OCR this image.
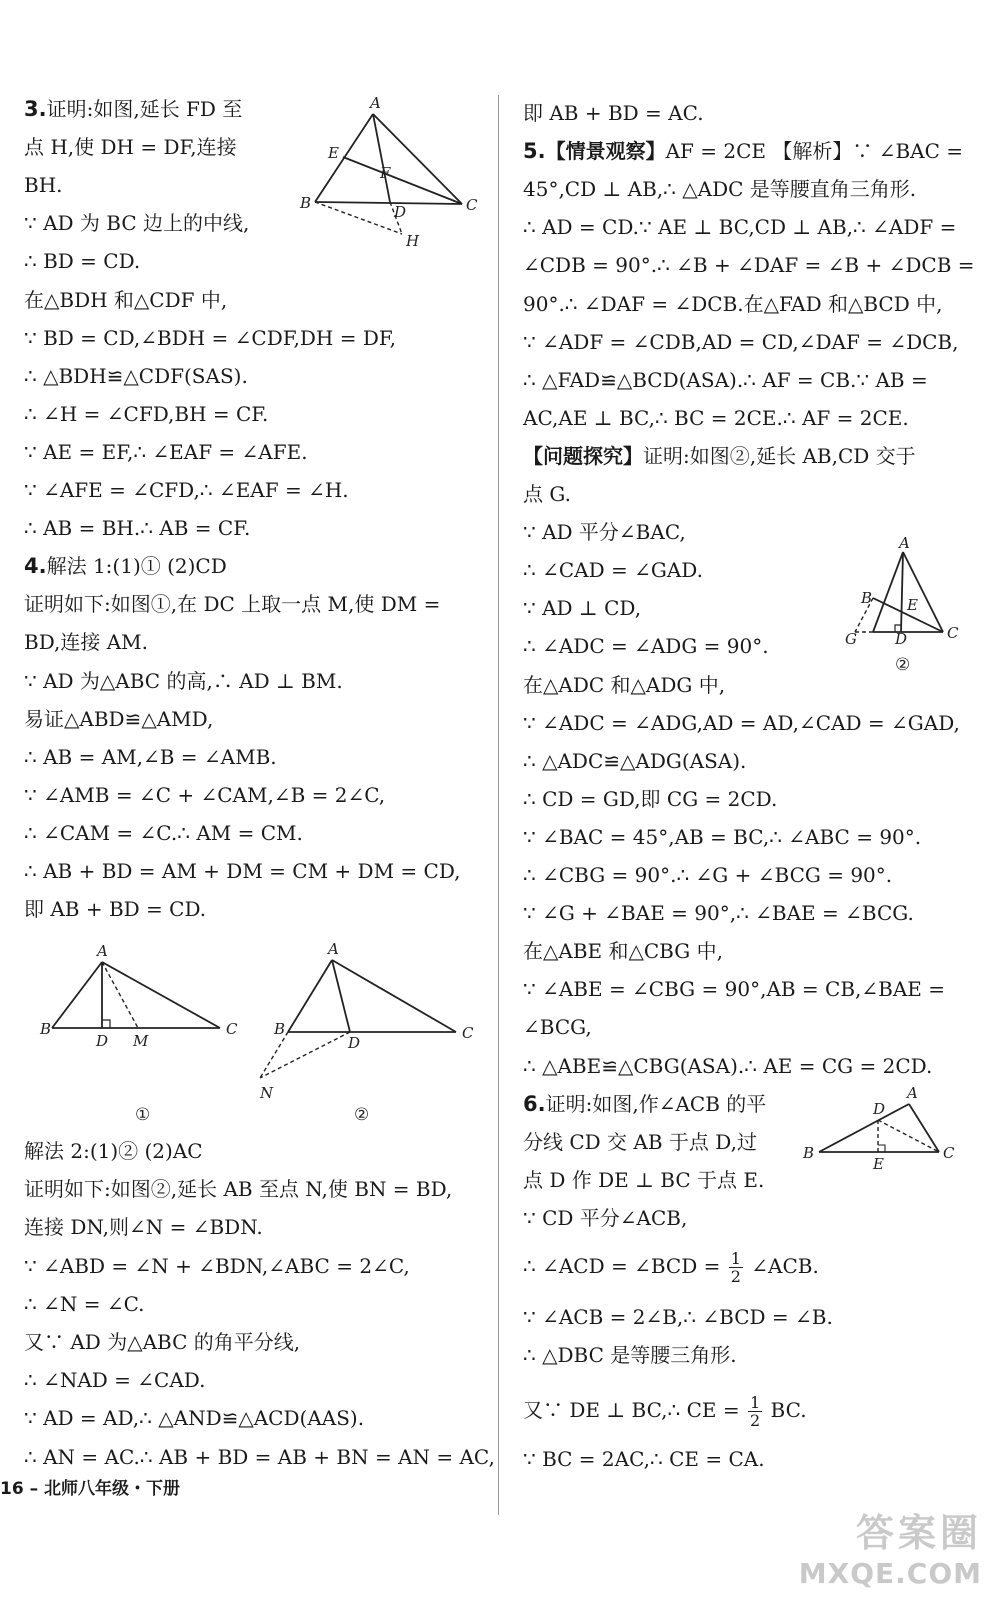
3.证明:如图,延长 FD 至
点 H,使 DH = DF,连接
BH.
∵ AD 为 BC 边上的中线,
∴ BD = CD.
在△BDH 和△CDF 中,
∵ BD = CD,∠BDH = ∠CDF,DH = DF,
∴ △BDH≌△CDF(SAS).
∴ ∠H = ∠CFD,BH = CF.
∵ AE = EF,∴ ∠EAF = ∠AFE.
∵ ∠AFE = ∠CFD,∴ ∠EAF = ∠H.
∴ AB = BH.∴ AB = CF.
4.解法 1:(1)① (2)CD
证明如下:如图①,在 DC 上取一点 M,使 DM =
BD,连接 AM.
∵ AD 为△ABC 的高,∴ AD ⊥ BM.
易证△ABD≌△AMD,
∴ AB = AM,∠B = ∠AMB.
∵ ∠AMB = ∠C + ∠CAM,∠B = 2∠C,
∴ ∠CAM = ∠C.∴ AM = CM.
∴ AB + BD = AM + DM = CM + DM = CD,
即 AB + BD = CD.
A
E
F
B	D	C
H
A
B
D M
C
①
A
B
D
C
N
②
解法 2:(1)② (2)AC
证明如下:如图②,延长 AB 至点 N,使 BN = BD,
连接 DN,则∠N = ∠BDN.
∵ ∠ABD = ∠N + ∠BDN,∠ABC = 2∠C,
∴ ∠N = ∠C.
又∵ AD 为△ABC 的角平分线,
∴ ∠NAD = ∠CAD.
∵ AD = AD,∴ △AND≌△ACD(AAS).
∴ AN = AC.∴ AB + BD = AB + BN = AN = AC,
16 – 北师八年级・下册
即 AB + BD = AC.
5.【情景观察】AF = 2CE 【解析】∵ ∠BAC =
45°,CD ⊥ AB,∴ △ADC 是等腰直角三角形.
∴ AD = CD.∵ AE ⊥ BC,CD ⊥ AB,∴ ∠ADF =
∠CDB = 90°.∴ ∠B + ∠DAF = ∠B + ∠DCB =
90°.∴ ∠DAF = ∠DCB.在△FAD 和△BCD 中,
∵ ∠ADF = ∠CDB,AD = CD,∠DAF = ∠DCB,
∴ △FAD≌△BCD(ASA).∴ AF = CB.∵ AB =
AC,AE ⊥ BC,∴ BC = 2CE.∴ AF = 2CE.
【问题探究】证明:如图②,延长 AB,CD 交于
点 G.
∵ AD 平分∠BAC,
∴ ∠CAD = ∠GAD.
∵ AD ⊥ CD,
∴ ∠ADC = ∠ADG = 90°.
在△ADC 和△ADG 中,
∵ ∠ADC = ∠ADG,AD = AD,∠CAD = ∠GAD,
∴ △ADC≌△ADG(ASA).
∴ CD = GD,即 CG = 2CD.
∵ ∠BAC = 45°,AB = BC,∴ ∠ABC = 90°.
∴ ∠CBG = 90°.∴ ∠G + ∠BCG = 90°.
∵ ∠G + ∠BAE = 90°,∴ ∠BAE = ∠BCG.
在△ABE 和△CBG 中,
∵ ∠ABE = ∠CBG = 90°,AB = CB,∠BAE =
∠BCG,
∴ △ABE≌△CBG(ASA).∴ AE = CG = 2CD.
6.证明:如图,作∠ACB 的平
分线 CD 交 AB 于点 D,过
点 D 作 DE ⊥ BC 于点 E.
∵ CD 平分∠ACB,
A
B E
G	D	C
②
D
A
B
E
C
∵ ∠ACB = 2∠B,∴ ∠BCD = ∠B.
∴ △DBC 是等腰三角形.
∴ ∠ACD = ∠BCD = $\frac{1}{2}$ ∠ACB.
又∵ DE ⊥ BC,∴ CE = $\frac{1}{2}$ BC.
∵ BC = 2AC,∴ CE = CA.
答案圈
MXQE.COM
